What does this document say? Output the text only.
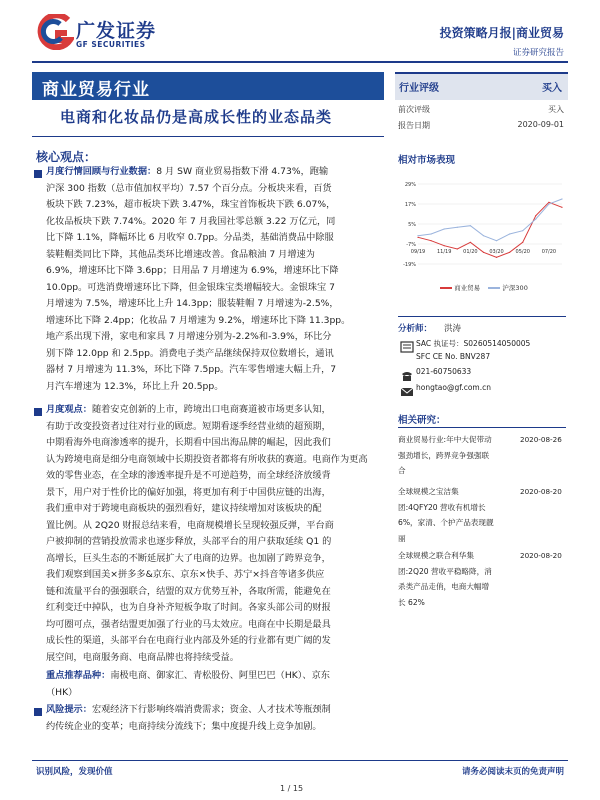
广发证券
GF SECURITIES
投资策略月报|商业贸易
证券研究报告
商业贸易行业
电商和化妆品仍是高成长性的业态品类
行业评级	买入
前次评级	买入
报告日期	2020-09-01
核心观点：
月度行情回顾与行业数据：8 月 SW 商业贸易指数下滑 4.73%，跑输
沪深 300 指数（总市值加权平均）7.57 个百分点。分板块来看，百货
板块下跌 7.23%，超市板块下跌 3.47%，珠宝首饰板块下跌 6.07%，
化妆品板块下跌 7.74%。2020 年 7 月我国社零总额 3.22 万亿元，同
比下降 1.1%，降幅环比 6 月收窄 0.7pp。分品类，基础消费品中除服
装鞋帽类同比下降，其他品类环比增速改善。食品粮油 7 月增速为
6.9%，增速环比下降 3.6pp；日用品 7 月增速为 6.9%，增速环比下降
10.0pp。可选消费增速环比下降，但金银珠宝类增幅较大。金银珠宝 7
月增速为 7.5%，增速环比上升 14.3pp；服装鞋帽 7 月增速为-2.5%，
增速环比下降 2.4pp；化妆品 7 月增速为 9.2%，增速环比下降 11.3pp。
地产系出现下滑，家电和家具 7 月增速分别为-2.2%和-3.9%，环比分
别下降 12.0pp 和 2.5pp。消费电子类产品继续保持双位数增长，通讯
器材 7 月增速为 11.3%，环比下降 7.5pp。汽车零售增速大幅上升，7
月汽车增速为 12.3%，环比上升 20.5pp。
月度观点：随着安克创新的上市，跨境出口电商赛道被市场更多认知，
有助于改变投资者过往对行业的顾虑。短期看逐季经营业绩的超预期，
中期看海外电商渗透率的提升，长期看中国出海品牌的崛起，因此我们
认为跨境电商是细分电商领域中长期投资者都将有所收获的赛道。电商作为更高
效的零售业态，在全球的渗透率提升是不可逆趋势，而全球经济放缓背
景下，用户对于性价比的偏好加强，将更加有利于中国供应链的出海，
我们重申对于跨境电商板块的强烈看好，建议持续增加对该板块的配
置比例。从 2Q20 财报总结来看，电商规模增长呈现较强反弹，平台商
户被抑制的营销投放需求也逐步释放，头部平台的用户获取延续 Q1 的
高增长，巨头生态的不断延展扩大了电商的边界。也加剧了跨界竞争，
我们观察到国美×拼多多&京东、京东×快手、苏宁×抖音等诸多供应
链和流量平台的强强联合，结盟的双方优势互补，各取所需，能避免在
红利变迁中掉队，也为自身补齐短板争取了时间。各家头部公司的财报
均可圈可点，强者结盟更加强了行业的马太效应。电商在中长期是最具
成长性的渠道，头部平台在电商行业内部及外延的行业都有更广阔的发
展空间，电商服务商、电商品牌也将持续受益。
重点推荐品种：南极电商、御家汇、青松股份、阿里巴巴（HK）、京东
（HK）
风险提示：宏观经济下行影响终端消费需求；资金、人才技术等瓶颈制
约传统企业的变革；电商持续分流线下；集中度提升线上竞争加剧。
相对市场表现
29%
17%
5%
-7%
-19%
09/19 11/19 01/20 03/20 05/20 07/20
商业贸易	沪深300
分析师： 洪涛
SAC 执证号：S0260514050005
SFC CE No. BNV287
021-60750633
hongtao@gf.com.cn
相关研究：
商业贸易行业:年中大促带动
强劲增长，跨界竞争强强联
合
2020-08-26
全球规模之宝洁集
团:4QFY20 营收有机增长
6%，家清、个护产品表现靓
丽
2020-08-20
全球规模之联合利华集
团:2Q20 营收平稳略降，消
杀类产品走俏，电商大幅增
长 62%
2020-08-20
识别风险，发现价值	请务必阅读末页的免责声明
1 / 15
